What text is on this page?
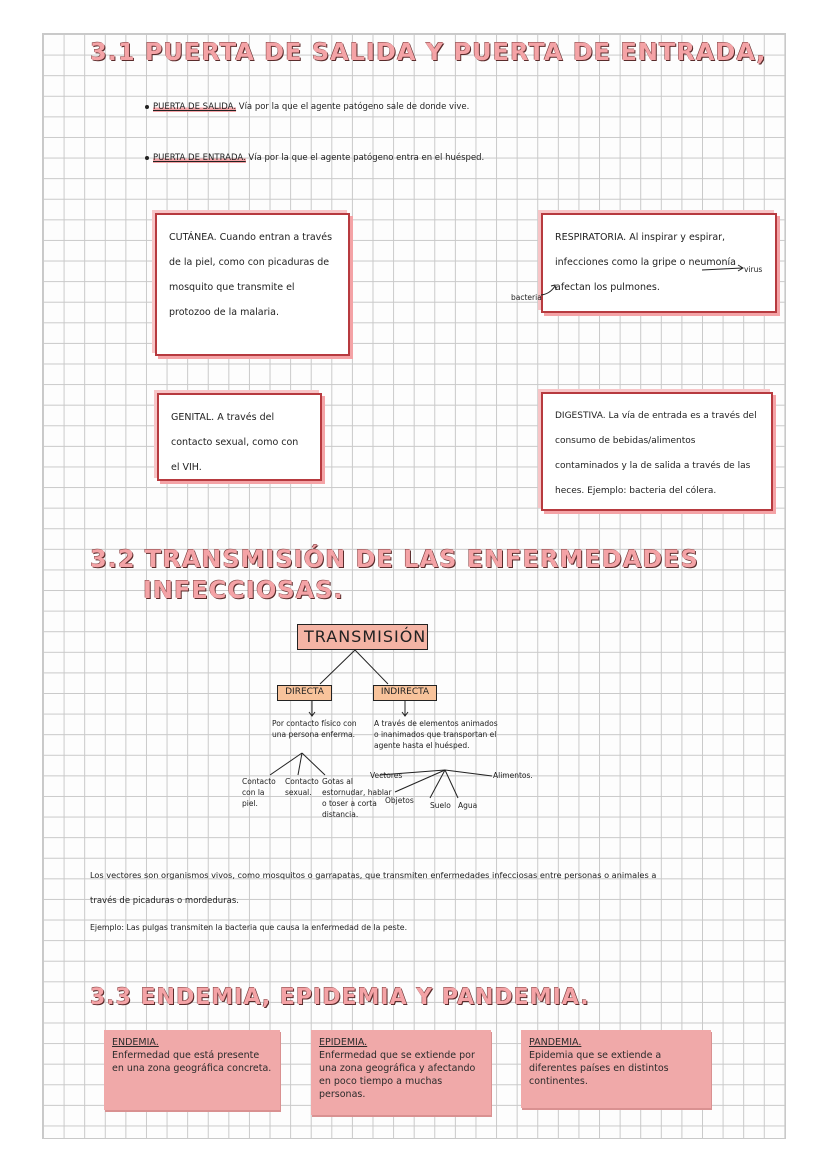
3.1 PUERTA DE SALIDA Y PUERTA DE ENTRADA,
PUERTA DE SALIDA. Vía por la que el agente patógeno sale de donde vive.
PUERTA DE ENTRADA. Vía por la que el agente patógeno entra en el huésped.
CUTÁNEA. Cuando entran a través de la piel, como con picaduras de mosquito que transmite el protozoo de la malaria.
RESPIRATORIA. Al inspirar y espirar, infecciones como la gripe o neumonía afectan los pulmones.
virus
bacteria
GENITAL. A través del contacto sexual, como con el VIH.
DIGESTIVA. La vía de entrada es a través del consumo de bebidas/alimentos contaminados y la de salida a través de las heces. Ejemplo: bacteria del cólera.
3.2 TRANSMISIÓN DE LAS ENFERMEDADES
INFECCIOSAS.
TRANSMISIÓN
DIRECTA	INDIRECTA
Por contacto físico con una persona enferma.
A través de elementos animados o inanimados que transportan el agente hasta el huésped.
Contacto con la piel.
Contacto sexual.
Gotas al estornudar, hablar o toser a corta distancia.
Vectores
Objetos
Suelo Agua
Alimentos.
Los vectores son organismos vivos, como mosquitos o garrapatas, que transmiten enfermedades infecciosas entre personas o animales a
través de picaduras o mordeduras.
Ejemplo: Las pulgas transmiten la bacteria que causa la enfermedad de la peste.
3.3 ENDEMIA, EPIDEMIA Y PANDEMIA.
ENDEMIA.
Enfermedad que está presente en una zona geográfica concreta.
EPIDEMIA.
Enfermedad que se extiende por una zona geográfica y afectando en poco tiempo a muchas personas.
PANDEMIA.
Epidemia que se extiende a diferentes países en distintos continentes.
